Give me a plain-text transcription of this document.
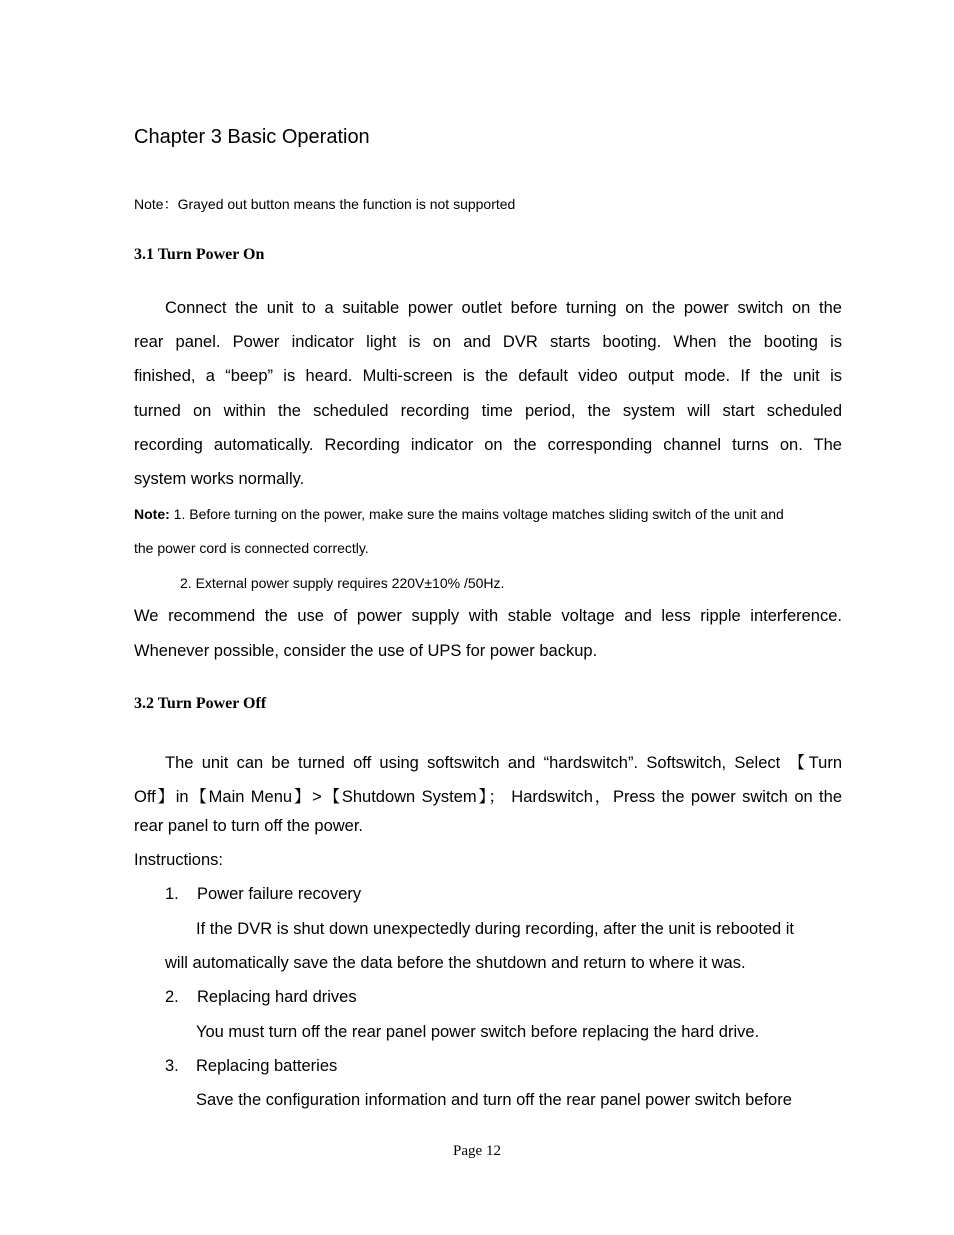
Chapter 3 Basic Operation
Note：Grayed out button means the function is not supported
3.1 Turn Power On
Connect the unit to a suitable power outlet before turning on the power switch on the
rear panel. Power indicator light is on and DVR starts booting. When the booting is
finished, a “beep” is heard. Multi-screen is the default video output mode. If the unit is
turned on within the scheduled recording time period, the system will start scheduled
recording automatically. Recording indicator on the corresponding channel turns on. The
system works normally.
Note: 1. Before turning on the power, make sure the mains voltage matches sliding switch of the unit and
the power cord is connected correctly.
2. External power supply requires 220V±10% /50Hz.
We recommend the use of power supply with stable voltage and less ripple interference.
Whenever possible, consider the use of UPS for power backup.
3.2 Turn Power Off
The unit can be turned off using softswitch and “hardswitch”. Softswitch, Select 【Turn
Off】in【Main Menu】>【Shutdown System】； Hardswitch，Press the power switch on the
rear panel to turn off the power.
Instructions:
1. Power failure recovery
If the DVR is shut down unexpectedly during recording, after the unit is rebooted it
will automatically save the data before the shutdown and return to where it was.
2. Replacing hard drives
You must turn off the rear panel power switch before replacing the hard drive.
3. Replacing batteries
Save the configuration information and turn off the rear panel power switch before
Page 12
